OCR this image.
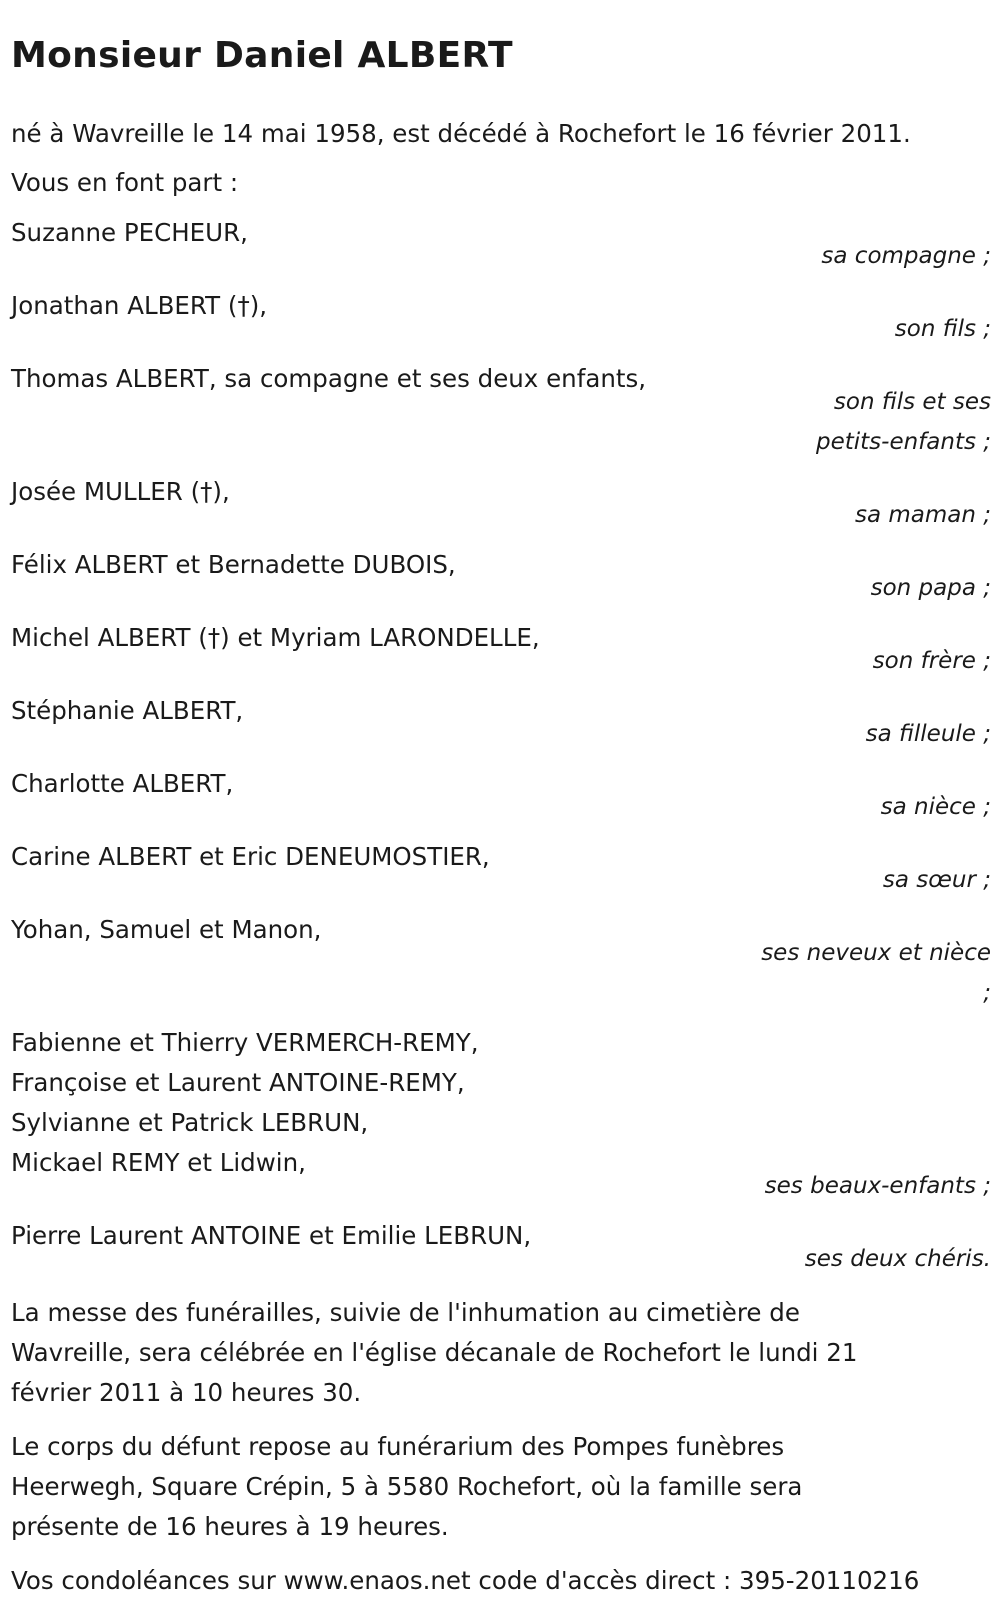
Monsieur Daniel ALBERT
né à Wavreille le 14 mai 1958, est décédé à Rochefort le 16 février 2011.
Vous en font part :
Suzanne PECHEUR,
sa compagne ;
Jonathan ALBERT (†),
son fils ;
Thomas ALBERT, sa compagne et ses deux enfants,
son fils et ses
petits-enfants ;
Josée MULLER (†),
sa maman ;
Félix ALBERT et Bernadette DUBOIS,
son papa ;
Michel ALBERT (†) et Myriam LARONDELLE,
son frère ;
Stéphanie ALBERT,
sa filleule ;
Charlotte ALBERT,
sa nièce ;
Carine ALBERT et Eric DENEUMOSTIER,
sa sœur ;
Yohan, Samuel et Manon,
ses neveux et nièce
;
Fabienne et Thierry VERMERCH-REMY,
Françoise et Laurent ANTOINE-REMY,
Sylvianne et Patrick LEBRUN,
Mickael REMY et Lidwin,
ses beaux-enfants ;
Pierre Laurent ANTOINE et Emilie LEBRUN,
ses deux chéris.
La messe des funérailles, suivie de l'inhumation au cimetière de
Wavreille, sera célébrée en l'église décanale de Rochefort le lundi 21
février 2011 à 10 heures 30.
Le corps du défunt repose au funérarium des Pompes funèbres
Heerwegh, Square Crépin, 5 à 5580 Rochefort, où la famille sera
présente de 16 heures à 19 heures.
Vos condoléances sur www.enaos.net code d'accès direct : 395-20110216
